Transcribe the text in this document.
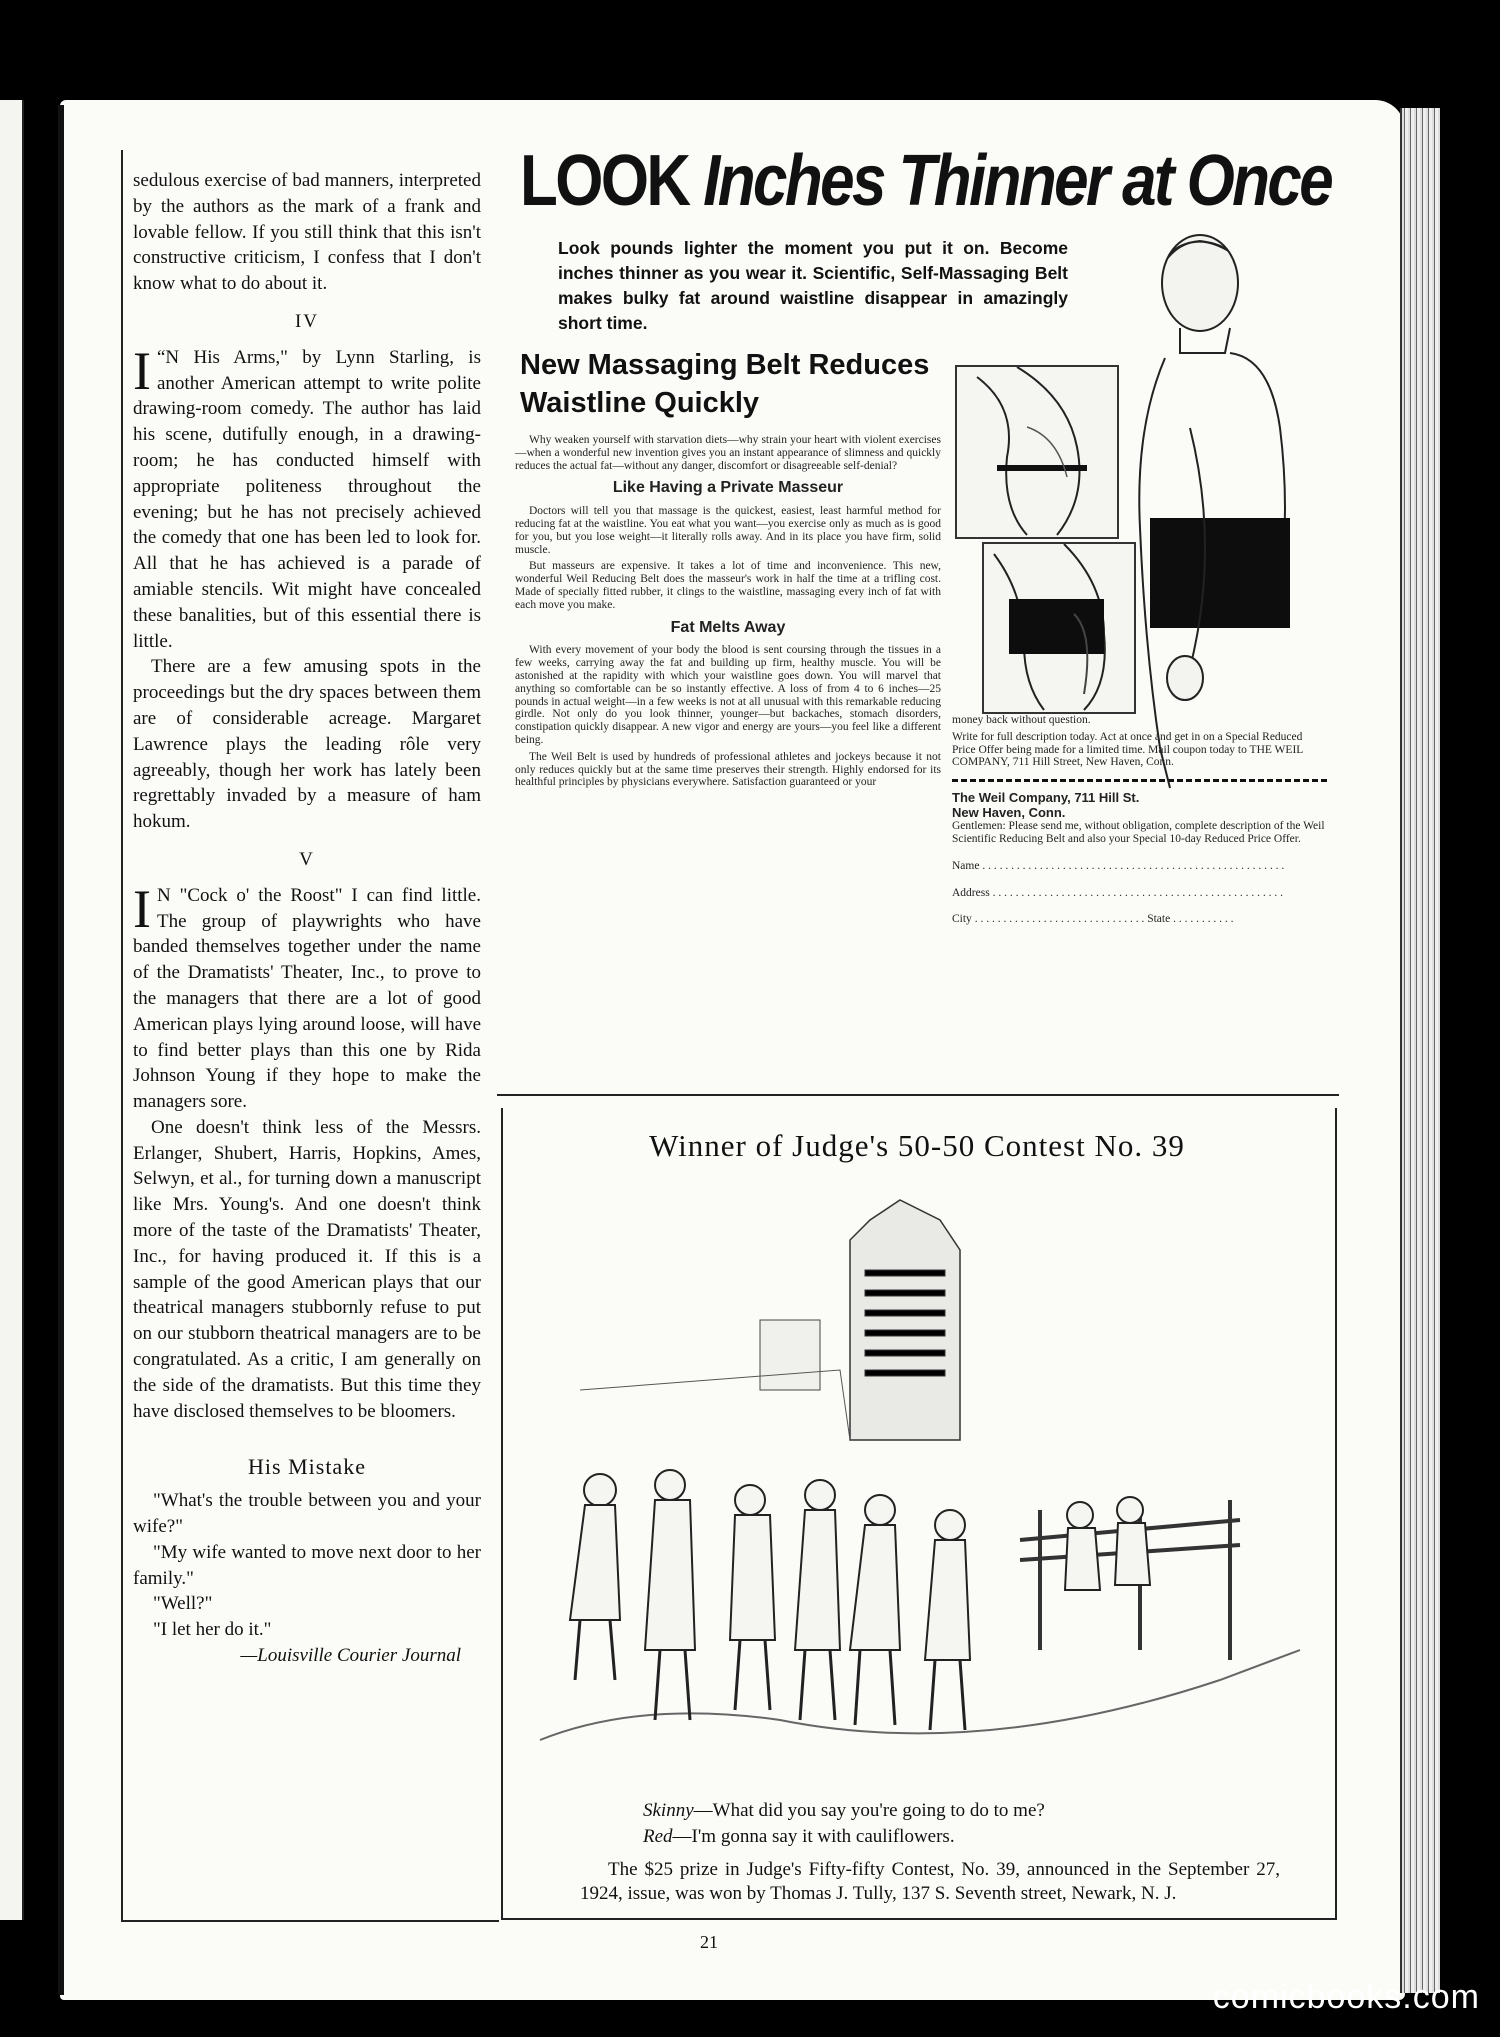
sedulous exercise of bad manners, interpreted by the authors as the mark of a frank and lovable fellow. If you still think that this isn't constructive criticism, I confess that I don't know what to do about it.

IV

“
I N His Arms," by Lynn Starling, is another American attempt to write polite drawing-room comedy. The author has laid his scene, dutifully enough, in a drawing-room; he has conducted himself with appropriate politeness throughout the evening; but he has not precisely achieved the comedy that one has been led to look for. All that he has achieved is a parade of amiable stencils. Wit might have concealed these banalities, but of this essential there is little.

There are a few amusing spots in the proceedings but the dry spaces between them are of considerable acreage. Margaret Lawrence plays the leading rôle very agreeably, though her work has lately been regrettably invaded by a measure of ham hokum.

V

I N "Cock o' the Roost" I can find little. The group of playwrights who have banded themselves together under the name of the Dramatists' Theater, Inc., to prove to the managers that there are a lot of good American plays lying around loose, will have to find better plays than this one by Rida Johnson Young if they hope to make the managers sore.

One doesn't think less of the Messrs. Erlanger, Shubert, Harris, Hopkins, Ames, Selwyn, et al., for turning down a manuscript like Mrs. Young's. And one doesn't think more of the taste of the Dramatists' Theater, Inc., for having produced it. If this is a sample of the good American plays that our theatrical managers stubbornly refuse to put on our stubborn theatrical managers are to be congratulated. As a critic, I am generally on the side of the dramatists. But this time they have disclosed themselves to be bloomers.

His Mistake

"What's the trouble between you and your wife?"

"My wife wanted to move next door to her family."

"Well?"

"I let her do it."

—Louisville Courier Journal
LOOK Inches Thinner at Once
Look pounds lighter the moment you put it on. Become inches thinner as you wear it. Scientific, Self-Massaging Belt makes bulky fat around waistline disappear in amazingly short time.
New Massaging Belt Reduces Waistline Quickly

Why weaken yourself with starvation diets—why strain your heart with violent exercises—when a wonderful new invention gives you an instant appearance of slimness and quickly reduces the actual fat—without any danger, discomfort or disagreeable self-denial?

Like Having a Private Masseur

Doctors will tell you that massage is the quickest, easiest, least harmful method for reducing fat at the waistline. You eat what you want—you exercise only as much as is good for you, but you lose weight—it literally rolls away. And in its place you have firm, solid muscle.

But masseurs are expensive. It takes a lot of time and inconvenience. This new, wonderful Weil Reducing Belt does the masseur's work in half the time at a trifling cost. Made of specially fitted rubber, it clings to the waistline, massaging every inch of fat with each move you make.

Fat Melts Away

With every movement of your body the blood is sent coursing through the tissues in a few weeks, carrying away the fat and building up firm, healthy muscle. You will be astonished at the rapidity with which your waistline goes down. You will marvel that anything so comfortable can be so instantly effective. A loss of from 4 to 6 inches—25 pounds in actual weight—in a few weeks is not at all unusual with this remarkable reducing girdle. Not only do you look thinner, younger—but backaches, stomach disorders, constipation quickly disappear. A new vigor and energy are yours—you feel like a different being.

The Weil Belt is used by hundreds of professional athletes and jockeys because it not only reduces quickly but at the same time preserves their strength. Highly endorsed for its healthful principles by physicians everywhere. Satisfaction guaranteed or your

money back without question.

Write for full description today. Act at once and get in on a Special Reduced Price Offer being made for a limited time. Mail coupon today to THE WEIL COMPANY, 711 Hill Street, New Haven, Conn.

The Weil Company, 711 Hill St.
New Haven, Conn.

Gentlemen: Please send me, without obligation, complete description of the Weil Scientific Reducing Belt and also your Special 10-day Reduced Price Offer.

Name . . . . . . . . . . . . . . . . . . . . . . . . . . . . . . . . . . . . . . . . . . . . . . . . . . . . .
Address . . . . . . . . . . . . . . . . . . . . . . . . . . . . . . . . . . . . . . . . . . . . . . . . . . .
City . . . . . . . . . . . . . . . . . . . . . . . . . . . . . . State . . . . . . . . . . .
Winner of Judge's 50-50 Contest No. 39
Skinny—What did you say you're going to do to me?
Red—I'm gonna say it with cauliflowers.
The $25 prize in Judge's Fifty-fifty Contest, No. 39, announced in the September 27, 1924, issue, was won by Thomas J. Tully, 137 S. Seventh street, Newark, N. J.
21
comicbooks.com
